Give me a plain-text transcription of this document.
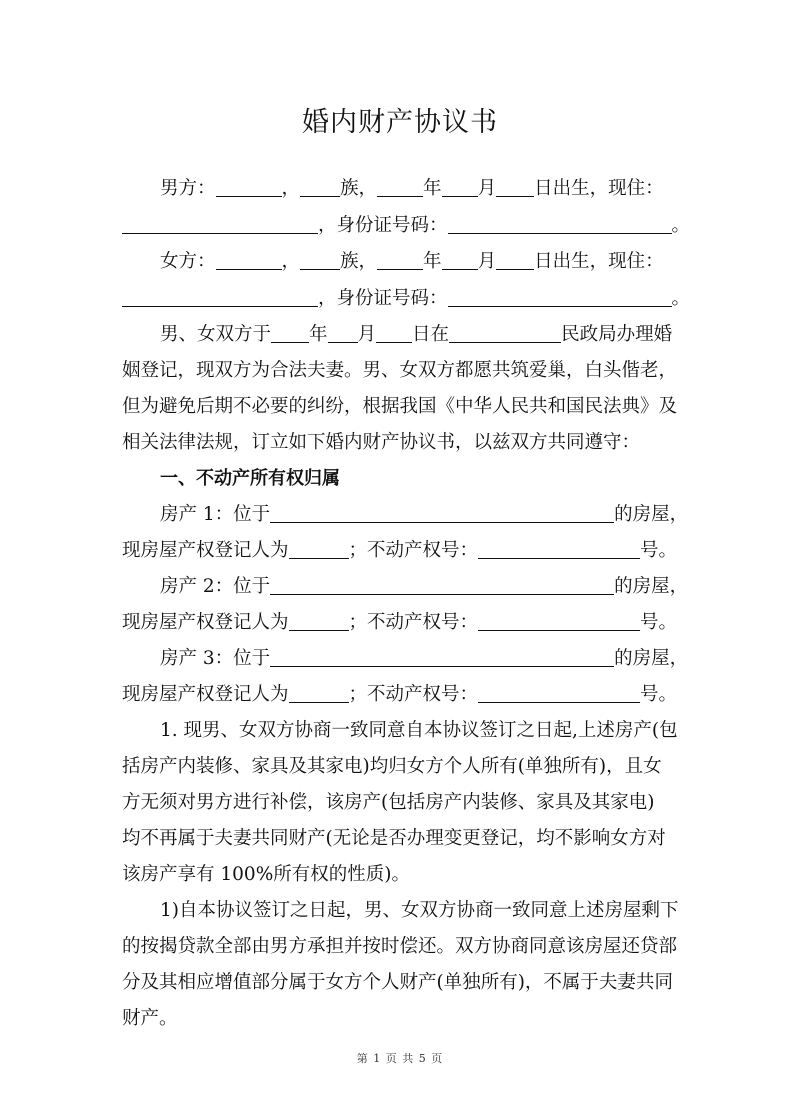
婚内财产协议书
男方：	， 族， 年 月 日出生，现住：
，身份证号码：	。
女方：	， 族， 年 月 日出生，现住：
，身份证号码：	。
男、女双方于 年 月 日在	民政局办理婚
姻登记，现双方为合法夫妻。男、女双方都愿共筑爱巢，白头偕老，
但为避免后期不必要的纠纷，根据我国《中华人民共和国民法典》及
相关法律法规，订立如下婚内财产协议书，以兹双方共同遵守：
一、不动产所有权归属
房产 1：位于	的房屋，
现房屋产权登记人为	；不动产权号：	号。
房产 2：位于	的房屋，
现房屋产权登记人为	；不动产权号：	号。
房产 3：位于	的房屋，
现房屋产权登记人为	；不动产权号：	号。
1. 现男、女双方协商一致同意自本协议签订之日起,上述房产(包
括房产内装修、家具及其家电)均归女方个人所有(单独所有)，且女
方无须对男方进行补偿，该房产(包括房产内装修、家具及其家电)
均不再属于夫妻共同财产(无论是否办理变更登记，均不影响女方对
该房产享有 100%所有权的性质)。
1)自本协议签订之日起，男、女双方协商一致同意上述房屋剩下
的按揭贷款全部由男方承担并按时偿还。双方协商同意该房屋还贷部
分及其相应增值部分属于女方个人财产(单独所有)，不属于夫妻共同
财产。
第 1 页 共 5 页
